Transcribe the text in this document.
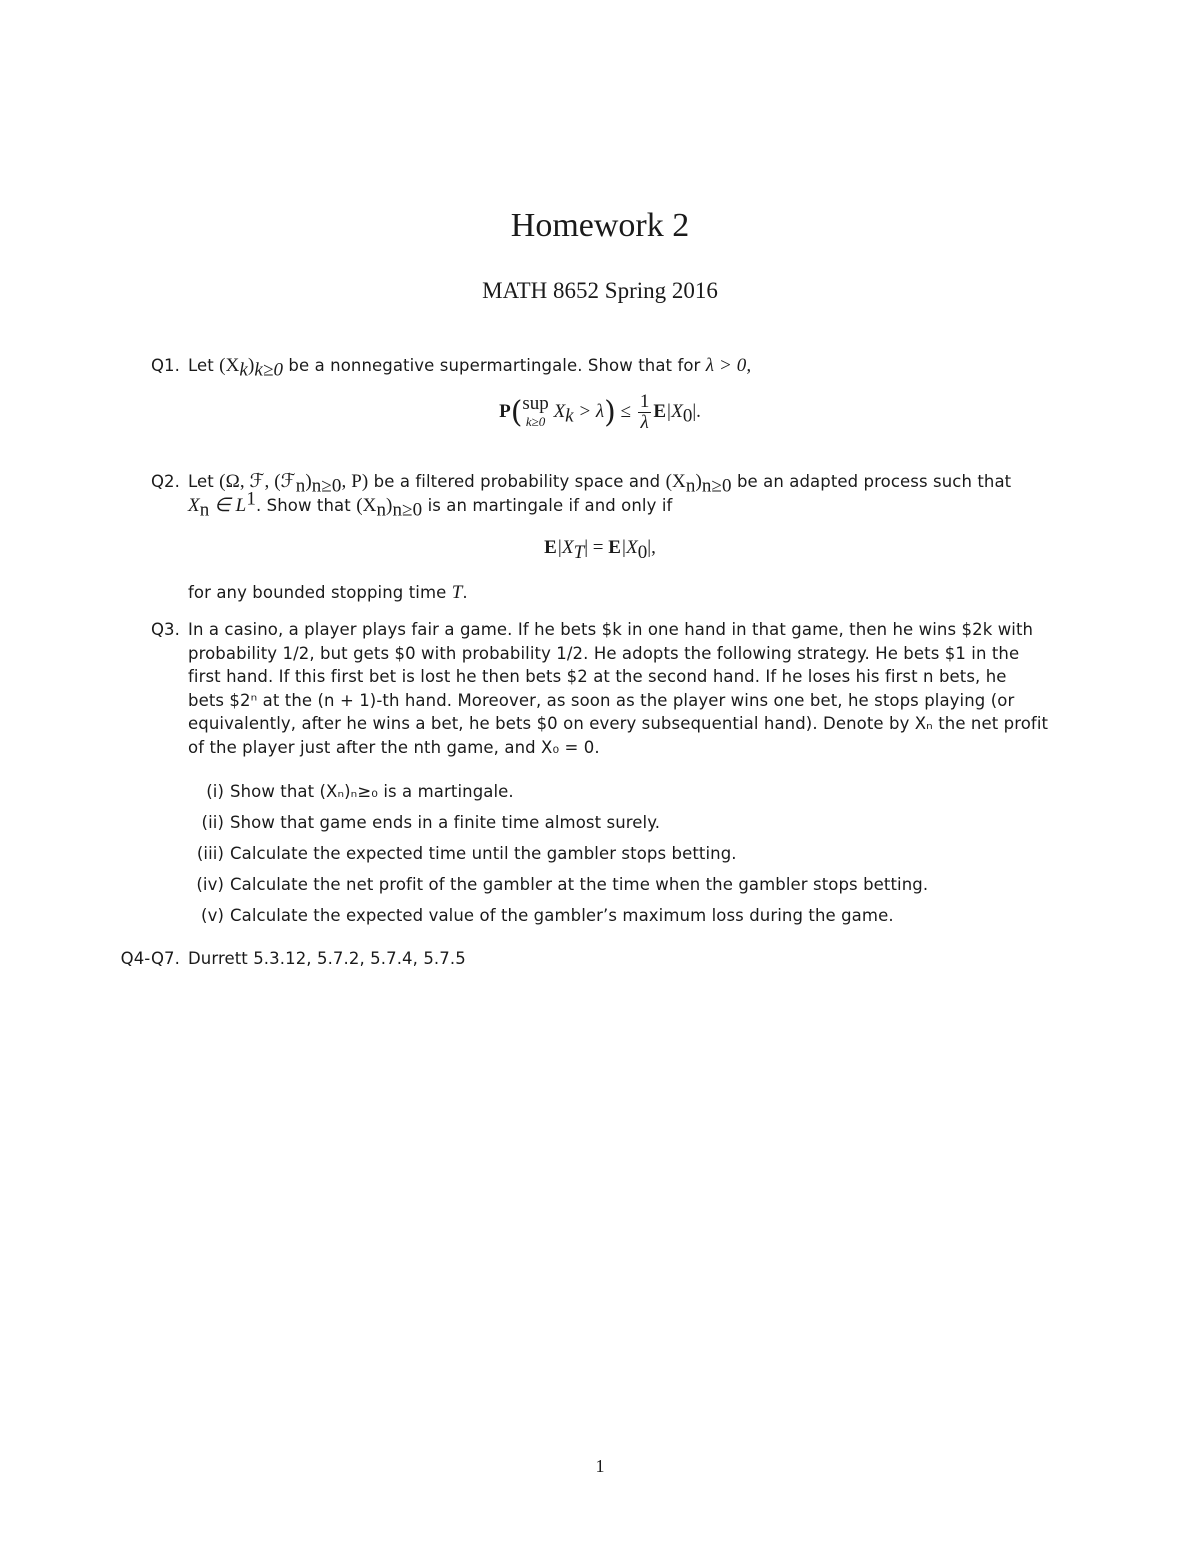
Homework 2
MATH 8652 Spring 2016
Q1. Let $(X_k)_{k\ge 0}$ be a nonnegative supermartingale. Show that for λ > 0,
P(sup
k≥0 $X_k > \lambda) \le \frac{1}{\lambda} E|X_0|$.
Q2. Let (Ω, ℱ, $(ℱ_n)_{n\ge 0}$, P) be a filtered probability space and $(X_n)_{n\ge 0}$ be an adapted process such that
$X_n$ ∈ $L^1$. Show that $(X_n)_{n\ge 0}$ is an martingale if and only if
$E|X_T| = E|X_0|$,
for any bounded stopping time T.
Q3. In a casino, a player plays fair a game. If he bets $k in one hand in that game, then he wins $2k with
probability 1/2, but gets $0 with probability 1/2. He adopts the following strategy. He bets $1 in the
first hand. If this first bet is lost he then bets $2 at the second hand. If he loses his first n bets, he
bets $2ⁿ at the (n + 1)-th hand. Moreover, as soon as the player wins one bet, he stops playing (or
equivalently, after he wins a bet, he bets $0 on every subsequential hand). Denote by Xₙ the net profit
of the player just after the nth game, and X₀ = 0.
(i) Show that (Xₙ)ₙ≥₀ is a martingale.
(ii) Show that game ends in a finite time almost surely.
(iii) Calculate the expected time until the gambler stops betting.
(iv) Calculate the net profit of the gambler at the time when the gambler stops betting.
(v) Calculate the expected value of the gambler’s maximum loss during the game.
Q4-Q7. Durrett 5.3.12, 5.7.2, 5.7.4, 5.7.5
1
